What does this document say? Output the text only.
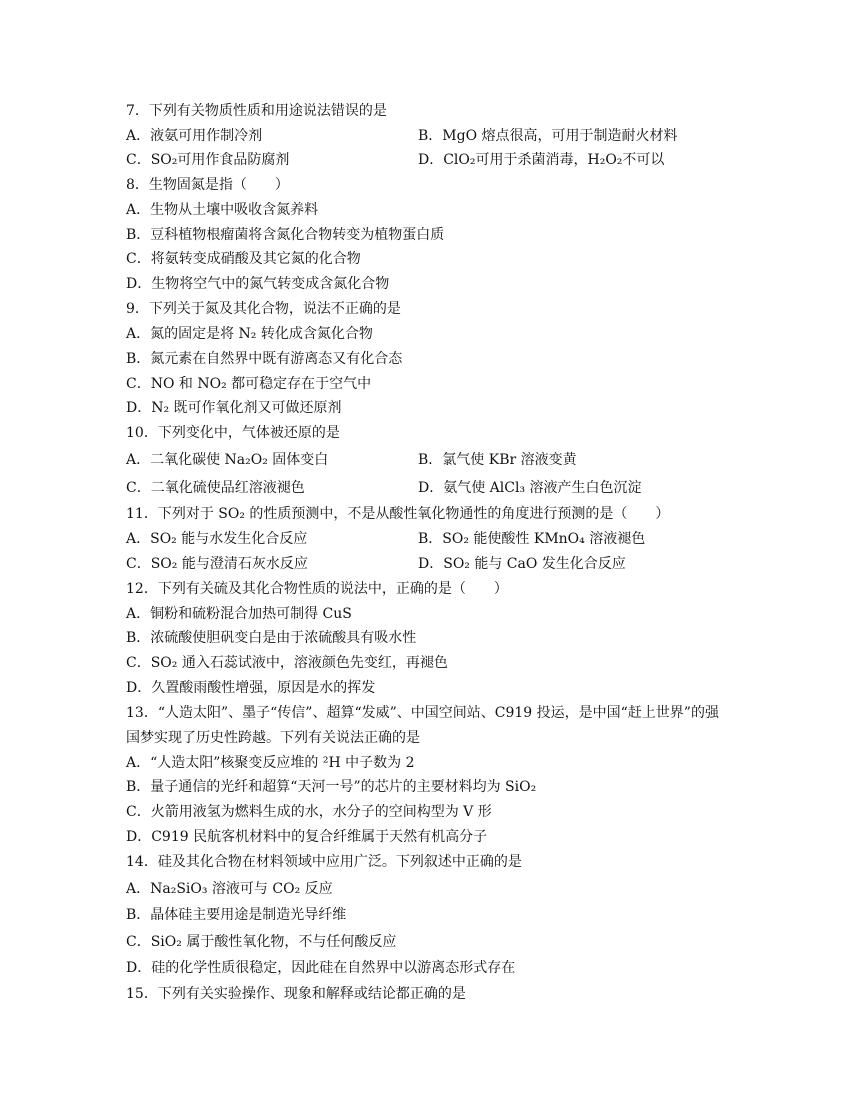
7．下列有关物质性质和用途说法错误的是
A．液氨可用作制冷剂	B．MgO 熔点很高，可用于制造耐火材料
C．SO₂可用作食品防腐剂	D．ClO₂可用于杀菌消毒，H₂O₂不可以
8．生物固氮是指（　　）
A．生物从土壤中吸收含氮养料
B．豆科植物根瘤菌将含氮化合物转变为植物蛋白质
C．将氨转变成硝酸及其它氮的化合物
D．生物将空气中的氮气转变成含氮化合物
9．下列关于氮及其化合物，说法不正确的是
A．氮的固定是将 N₂ 转化成含氮化合物
B．氮元素在自然界中既有游离态又有化合态
C．NO 和 NO₂ 都可稳定存在于空气中
D．N₂ 既可作氧化剂又可做还原剂
10．下列变化中，气体被还原的是
A．二氧化碳使 Na₂O₂ 固体变白	B．氯气使 KBr 溶液变黄
C．二氧化硫使品红溶液褪色	D．氨气使 AlCl₃ 溶液产生白色沉淀
11．下列对于 SO₂ 的性质预测中，不是从酸性氧化物通性的角度进行预测的是（　　）
A．SO₂ 能与水发生化合反应	B．SO₂ 能使酸性 KMnO₄ 溶液褪色
C．SO₂ 能与澄清石灰水反应	D．SO₂ 能与 CaO 发生化合反应
12．下列有关硫及其化合物性质的说法中，正确的是（　　）
A．铜粉和硫粉混合加热可制得 CuS
B．浓硫酸使胆矾变白是由于浓硫酸具有吸水性
C．SO₂ 通入石蕊试液中，溶液颜色先变红，再褪色
D．久置酸雨酸性增强，原因是水的挥发
13．“人造太阳”、墨子“传信”、超算“发威”、中国空间站、C919 投运，是中国“赶上世界”的强
国梦实现了历史性跨越。下列有关说法正确的是
A．“人造太阳”核聚变反应堆的 ²H 中子数为 2
B．量子通信的光纤和超算“天河一号”的芯片的主要材料均为 SiO₂
C．火箭用液氢为燃料生成的水，水分子的空间构型为 V 形
D．C919 民航客机材料中的复合纤维属于天然有机高分子
14．硅及其化合物在材料领域中应用广泛。下列叙述中正确的是
A．Na₂SiO₃ 溶液可与 CO₂ 反应
B．晶体硅主要用途是制造光导纤维
C．SiO₂ 属于酸性氧化物，不与任何酸反应
D．硅的化学性质很稳定，因此硅在自然界中以游离态形式存在
15．下列有关实验操作、现象和解释或结论都正确的是
